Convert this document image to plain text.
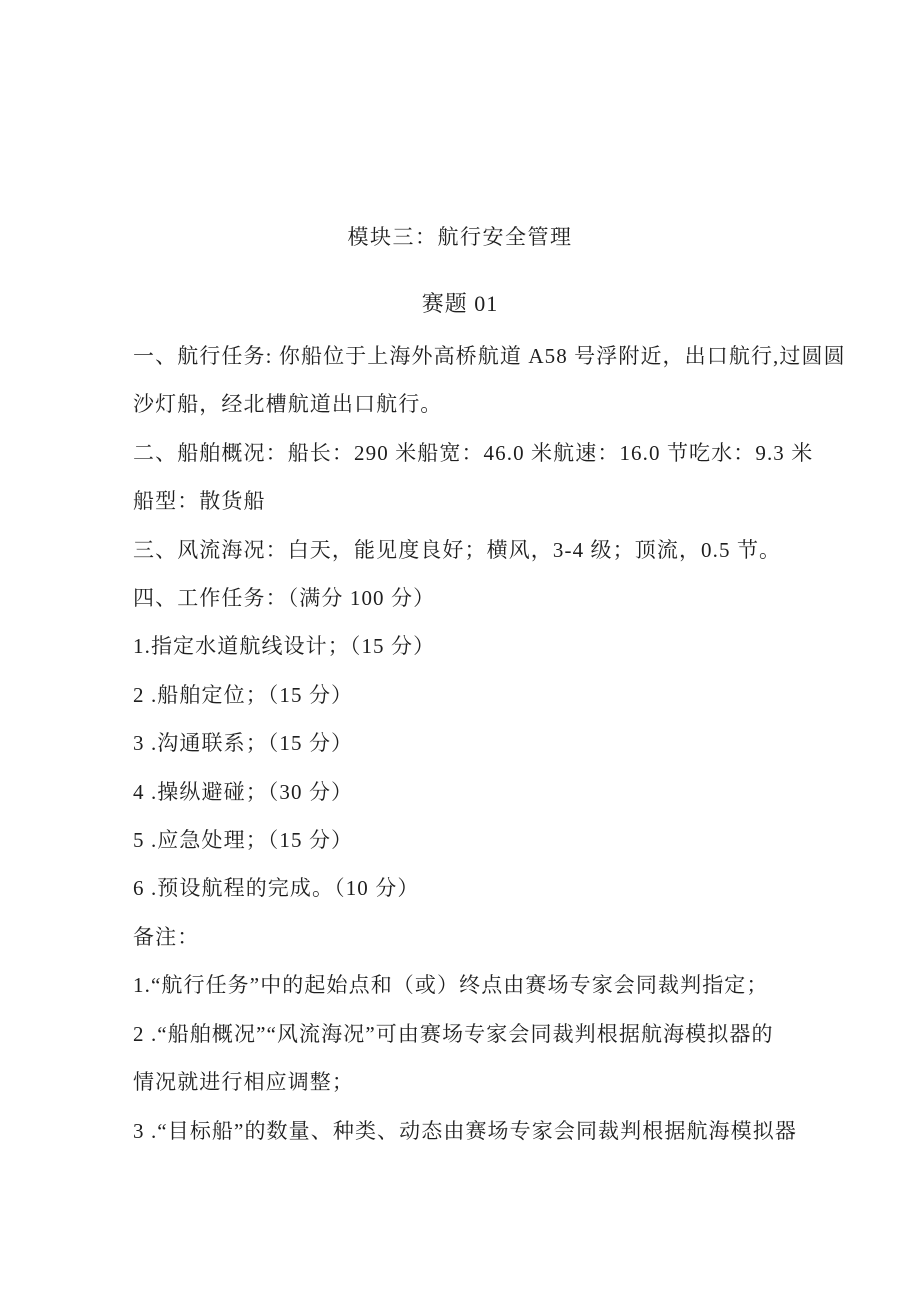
模块三：航行安全管理
赛题 01
一、航行任务: 你船位于上海外高桥航道 A58 号浮附近，出口航行,过圆圆
沙灯船，经北槽航道出口航行。
二、船舶概况：船长：290 米船宽：46.0 米航速：16.0 节吃水：9.3 米
船型：散货船
三、风流海况：白天，能见度良好；横风，3-4 级；顶流，0.5 节。
四、工作任务：（满分 100 分）
1.指定水道航线设计；（15 分）
2 .船舶定位；（15 分）
3 .沟通联系；（15 分）
4 .操纵避碰；（30 分）
5 .应急处理；（15 分）
6 .预设航程的完成。（10 分）
备注：
1.“航行任务”中的起始点和（或）终点由赛场专家会同裁判指定；
2 .“船舶概况”“风流海况”可由赛场专家会同裁判根据航海模拟器的
情况就进行相应调整；
3 .“目标船”的数量、种类、动态由赛场专家会同裁判根据航海模拟器
